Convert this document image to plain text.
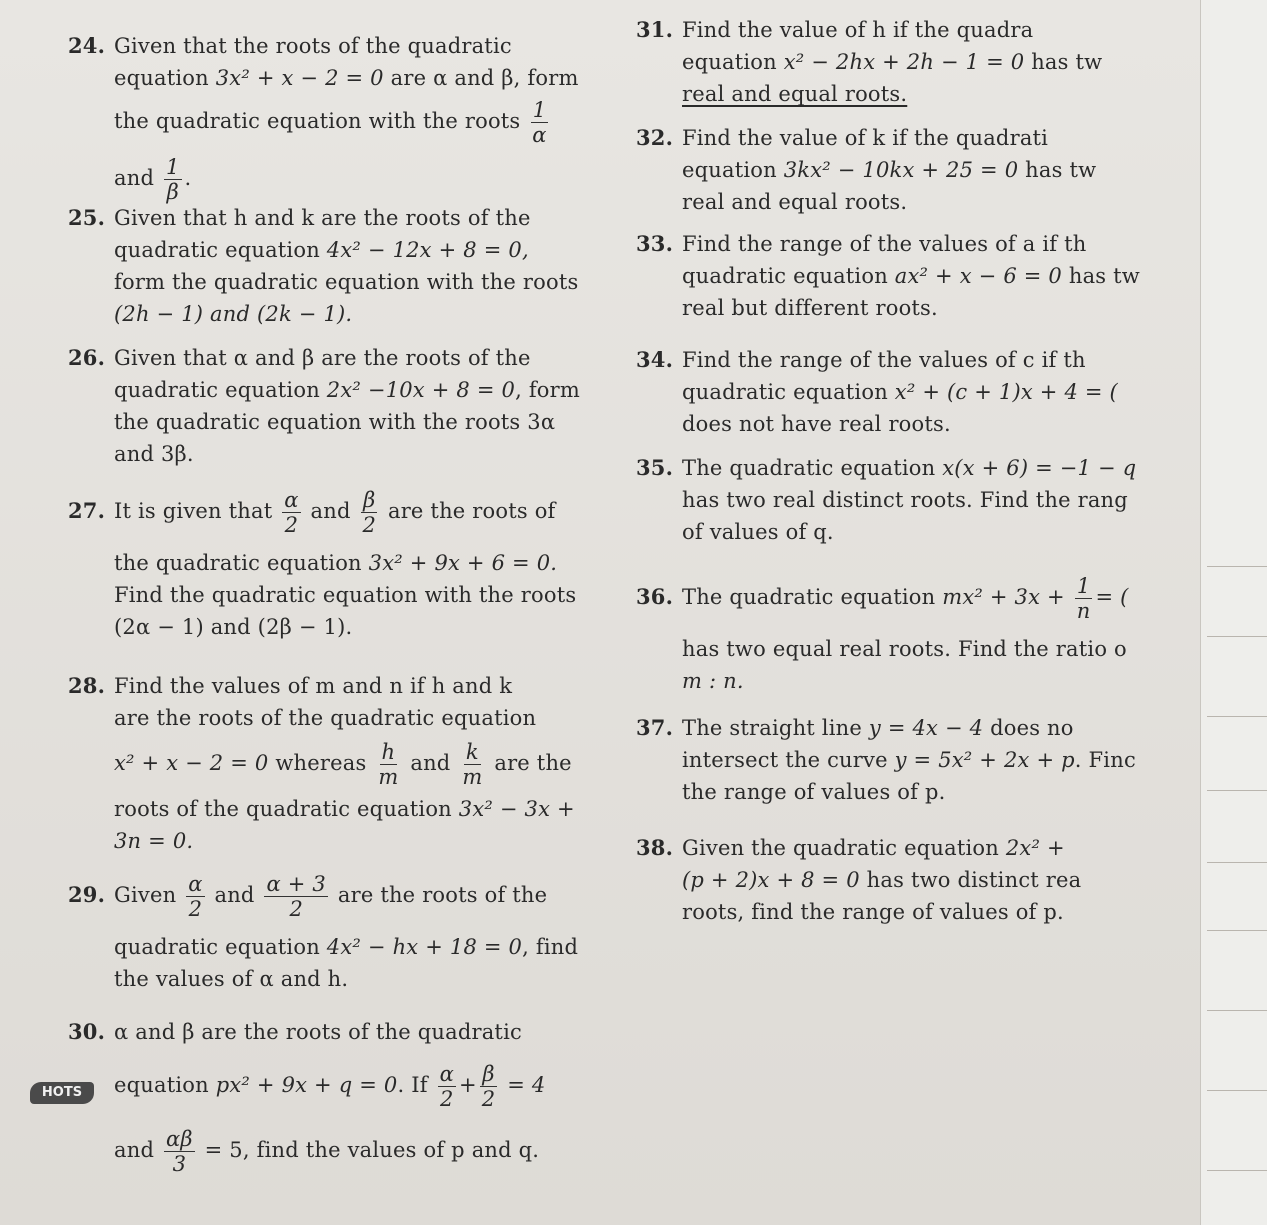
24. Given that the roots of the quadratic
equation 3x² + x − 2 = 0 are α and β, form
the quadratic equation with the roots $\frac{1}{\alpha}$
and $\frac{1}{\beta}$ .
25. Given that h and k are the roots of the
quadratic equation 4x² − 12x + 8 = 0,
form the quadratic equation with the roots
(2h − 1) and (2k − 1).
26. Given that α and β are the roots of the
quadratic equation 2x² −10x + 8 = 0, form
the quadratic equation with the roots 3α
and 3β.
27. It is given that $\frac{\alpha}{2}$ and $\frac{\beta}{2}$ are the roots of
the quadratic equation 3x² + 9x + 6 = 0.
Find the quadratic equation with the roots
(2α − 1) and (2β − 1).
28. Find the values of m and n if h and k
are the roots of the quadratic equation
x² + x − 2 = 0 whereas $\frac{h}{m}$ and $\frac{k}{m}$ are the
roots of the quadratic equation 3x² − 3x +
3n = 0.
29. Given $\frac{\alpha}{2}$ and $\frac{\alpha + 3}{2}$ are the roots of the
quadratic equation 4x² − hx + 18 = 0, find
the values of α and h.
30. α and β are the roots of the quadratic
equation px² + 9x + q = 0. If $\frac{\alpha}{2} + \frac{\beta}{2} = 4$
and $\frac{\alpha\beta}{3} = 5$, find the values of p and q.
HOTS
31. Find the value of h if the quadra
equation x² − 2hx + 2h − 1 = 0 has tw
real and equal roots.
32. Find the value of k if the quadrati
equation 3kx² − 10kx + 25 = 0 has tw
real and equal roots.
33. Find the range of the values of a if th
quadratic equation ax² + x − 6 = 0 has tw
real but different roots.
34. Find the range of the values of c if th
quadratic equation x² + (c + 1)x + 4 = (
does not have real roots.
35. The quadratic equation x(x + 6) = −1 − q
has two real distinct roots. Find the rang
of values of q.
36. The quadratic equation $mx^2 + 3x + \frac{1}{n}$ = (
has two equal real roots. Find the ratio o
m : n.
37. The straight line y = 4x − 4 does no
intersect the curve y = 5x² + 2x + p. Finc
the range of values of p.
38. Given the quadratic equation 2x² +
(p + 2)x + 8 = 0 has two distinct rea
roots, find the range of values of p.
